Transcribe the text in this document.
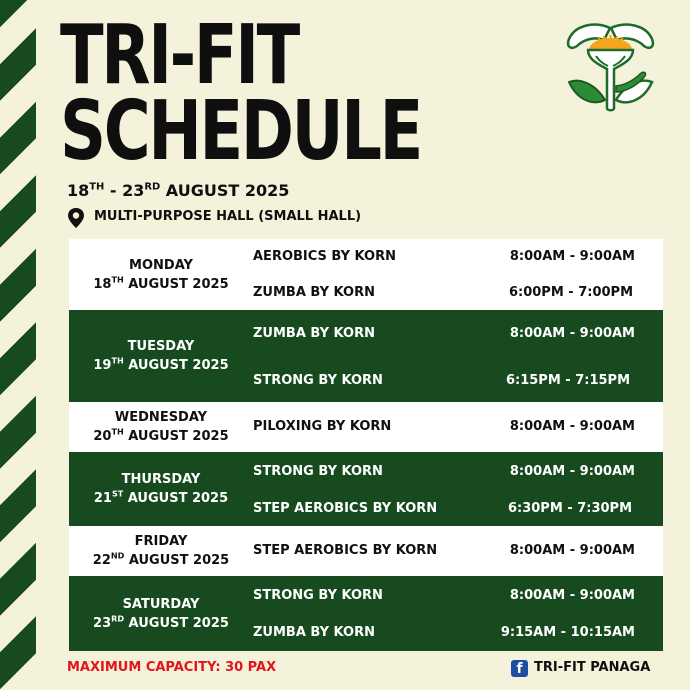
TRI-FIT SCHEDULE
18TH - 23RD AUGUST 2025
MULTI-PURPOSE HALL (SMALL HALL)
MONDAY
18TH AUGUST 2025
AEROBICS BY KORN	8:00AM - 9:00AM
ZUMBA BY KORN	6:00PM - 7:00PM
TUESDAY
19TH AUGUST 2025
ZUMBA BY KORN	8:00AM - 9:00AM
STRONG BY KORN	6:15PM - 7:15PM
WEDNESDAY
20TH AUGUST 2025
PILOXING BY KORN	8:00AM - 9:00AM
THURSDAY
21ST AUGUST 2025
STRONG BY KORN	8:00AM - 9:00AM
STEP AEROBICS BY KORN	6:30PM - 7:30PM
FRIDAY
22ND AUGUST 2025
STEP AEROBICS BY KORN	8:00AM - 9:00AM
SATURDAY
23RD AUGUST 2025
STRONG BY KORN	8:00AM - 9:00AM
ZUMBA BY KORN	9:15AM - 10:15AM
MAXIMUM CAPACITY: 30 PAX	f TRI-FIT PANAGA
